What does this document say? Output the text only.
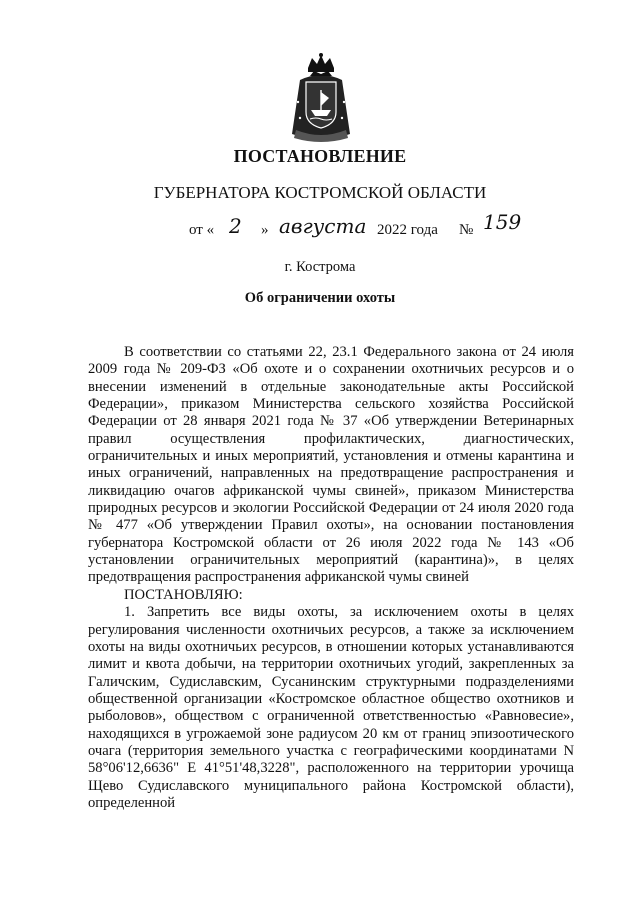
ПОСТАНОВЛЕНИЕ
ГУБЕРНАТОРА КОСТРОМСКОЙ ОБЛАСТИ
от « 2 » августа 2022 года № 159
г. Кострома
Об ограничении охоты

В соответствии со статьями 22, 23.1 Федерального закона от 24 июля 2009 года № 209-ФЗ «Об охоте и о сохранении охотничьих ресурсов и о внесении изменений в отдельные законодательные акты Российской Федерации», приказом Министерства сельского хозяйства Российской Федерации от 28 января 2021 года № 37 «Об утверждении Ветеринарных правил осуществления профилактических, диагностических, ограничительных и иных мероприятий, установления и отмены карантина и иных ограничений, направленных на предотвращение распространения и ликвидацию очагов африканской чумы свиней», приказом Министерства природных ресурсов и экологии Российской Федерации от 24 июля 2020 года № 477 «Об утверждении Правил охоты», на основании постановления губернатора Костромской области от 26 июля 2022 года № 143 «Об установлении ограничительных мероприятий (карантина)», в целях предотвращения распространения африканской чумы свиней

ПОСТАНОВЛЯЮ:

1. Запретить все виды охоты, за исключением охоты в целях регулирования численности охотничьих ресурсов, а также за исключением охоты на виды охотничьих ресурсов, в отношении которых устанавливаются лимит и квота добычи, на территории охотничьих угодий, закрепленных за Галичским, Судиславским, Сусанинским структурными подразделениями общественной организации «Костромское областное общество охотников и рыболовов», обществом с ограниченной ответственностью «Равновесие», находящихся в угрожаемой зоне радиусом 20 км от границ эпизоотического очага (территория земельного участка с географическими координатами N 58°06'12,6636" E 41°51'48,3228", расположенного на территории урочища Щево Судиславского муниципального района Костромской области), определенной
